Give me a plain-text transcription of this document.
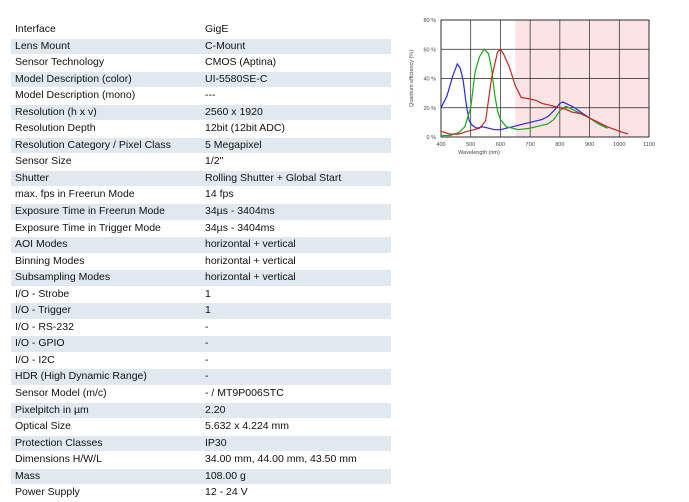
Interface	GigE
Lens Mount	C-Mount
Sensor Technology	CMOS (Aptina)
Model Description (color)	UI-5580SE-C
Model Description (mono)	---
Resolution (h x v)	2560 x 1920
Resolution Depth	12bit (12bit ADC)
Resolution Category / Pixel Class	5 Megapixel
Sensor Size	1/2"
Shutter	Rolling Shutter + Global Start
max. fps in Freerun Mode	14 fps
Exposure Time in Freerun Mode	34µs - 3404ms
Exposure Time in Trigger Mode	34µs - 3404ms
AOI Modes	horizontal + vertical
Binning Modes	horizontal + vertical
Subsampling Modes	horizontal + vertical
I/O - Strobe	1
I/O - Trigger	1
I/O - RS-232	-
I/O - GPIO	-
I/O - I2C	-
HDR (High Dynamic Range)	-
Sensor Model (m/c)	- / MT9P006STC
Pixelpitch in µm	2.20
Optical Size	5.632 x 4.224 mm
Protection Classes	IP30
Dimensions H/W/L	34.00 mm, 44.00 mm, 43.50 mm
Mass	108.00 g
Power Supply	12 - 24 V
400	500	600	700	800	900	1000	1100
0 %
20 %
40 %
60 %
80 %
Wavelength (nm)
Quantum efficiency (%)
